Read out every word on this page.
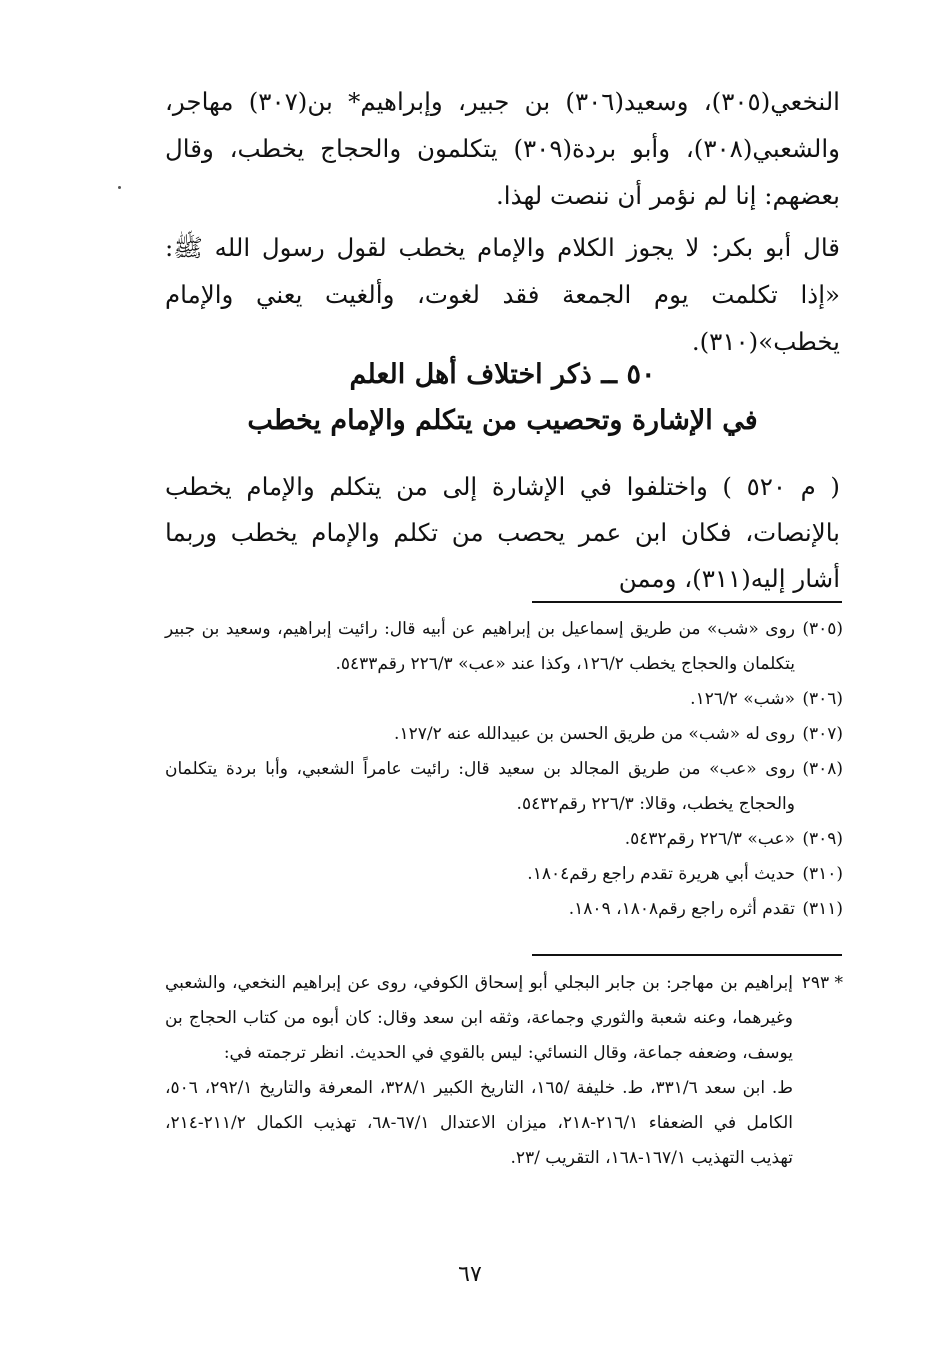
النخعي(٣٠٥)، وسعيد(٣٠٦) بن جبير، وإبراهيم* بن(٣٠٧) مهاجر، والشعبي(٣٠٨)، وأبو بردة(٣٠٩) يتكلمون والحجاج يخطب، وقال بعضهم: إنا لم نؤمر أن ننصت لهذا.
قال أبو بكر: لا يجوز الكلام والإمام يخطب لقول رسول الله ﷺ: «إذا تكلمت يوم الجمعة فقد لغوت، وألغيت يعني والإمام يخطب»(٣١٠).
٥٠ ــ ذكر اختلاف أهل العلم
في الإشارة وتحصيب من يتكلم والإمام يخطب
( م ٥٢٠ ) واختلفوا في الإشارة إلى من يتكلم والإمام يخطب بالإنصات، فكان ابن عمر يحصب من تكلم والإمام يخطب وربما أشار إليه(٣١١)، وممن
(٣٠٥)
روى «شب» من طريق إسماعيل بن إبراهيم عن أبيه قال: رائيت إبراهيم، وسعيد بن جبير يتكلمان والحجاج يخطب ١٢٦/٢، وكذا عند «عب» ٢٢٦/٣ رقم٥٤٣٣.
(٣٠٦)
«شب» ١٢٦/٢.
(٣٠٧)
روى له «شب» من طريق الحسن بن عبيدالله عنه ١٢٧/٢.
(٣٠٨)
روى «عب» من طريق المجالد بن سعيد قال: رائيت عامراً الشعبي، وأبا بردة يتكلمان والحجاج يخطب، وقالا: ٢٢٦/٣ رقم٥٤٣٢.
(٣٠٩)
«عب» ٢٢٦/٣ رقم٥٤٣٢.
(٣١٠)
حديث أبي هريرة تقدم راجع رقم١٨٠٤.
(٣١١)
تقدم أثره راجع رقم١٨٠٨، ١٨٠٩.
* ٢٩٣
إبراهيم بن مهاجر: بن جابر البجلي أبو إسحاق الكوفي، روى عن إبراهيم النخعي، والشعبي وغيرهما، وعنه شعبة والثوري وجماعة، وثقه ابن سعد وقال: كان أبوه من كتاب الحجاج بن يوسف، وضعفه جماعة، وقال النسائي: ليس بالقوي في الحديث. انظر ترجمته في:
ط. ابن سعد ٣٣١/٦، ط. خليفة /١٦٥، التاريخ الكبير ٣٢٨/١، المعرفة والتاريخ ٢٩٢/١، ٥٠٦، الكامل في الضعفاء ٢١٦/١-٢١٨، ميزان الاعتدال ٦٧/١-٦٨، تهذيب الكمال ٢١١/٢-٢١٤، تهذيب التهذيب ١٦٧/١-١٦٨، التقريب /٢٣.
٦٧
